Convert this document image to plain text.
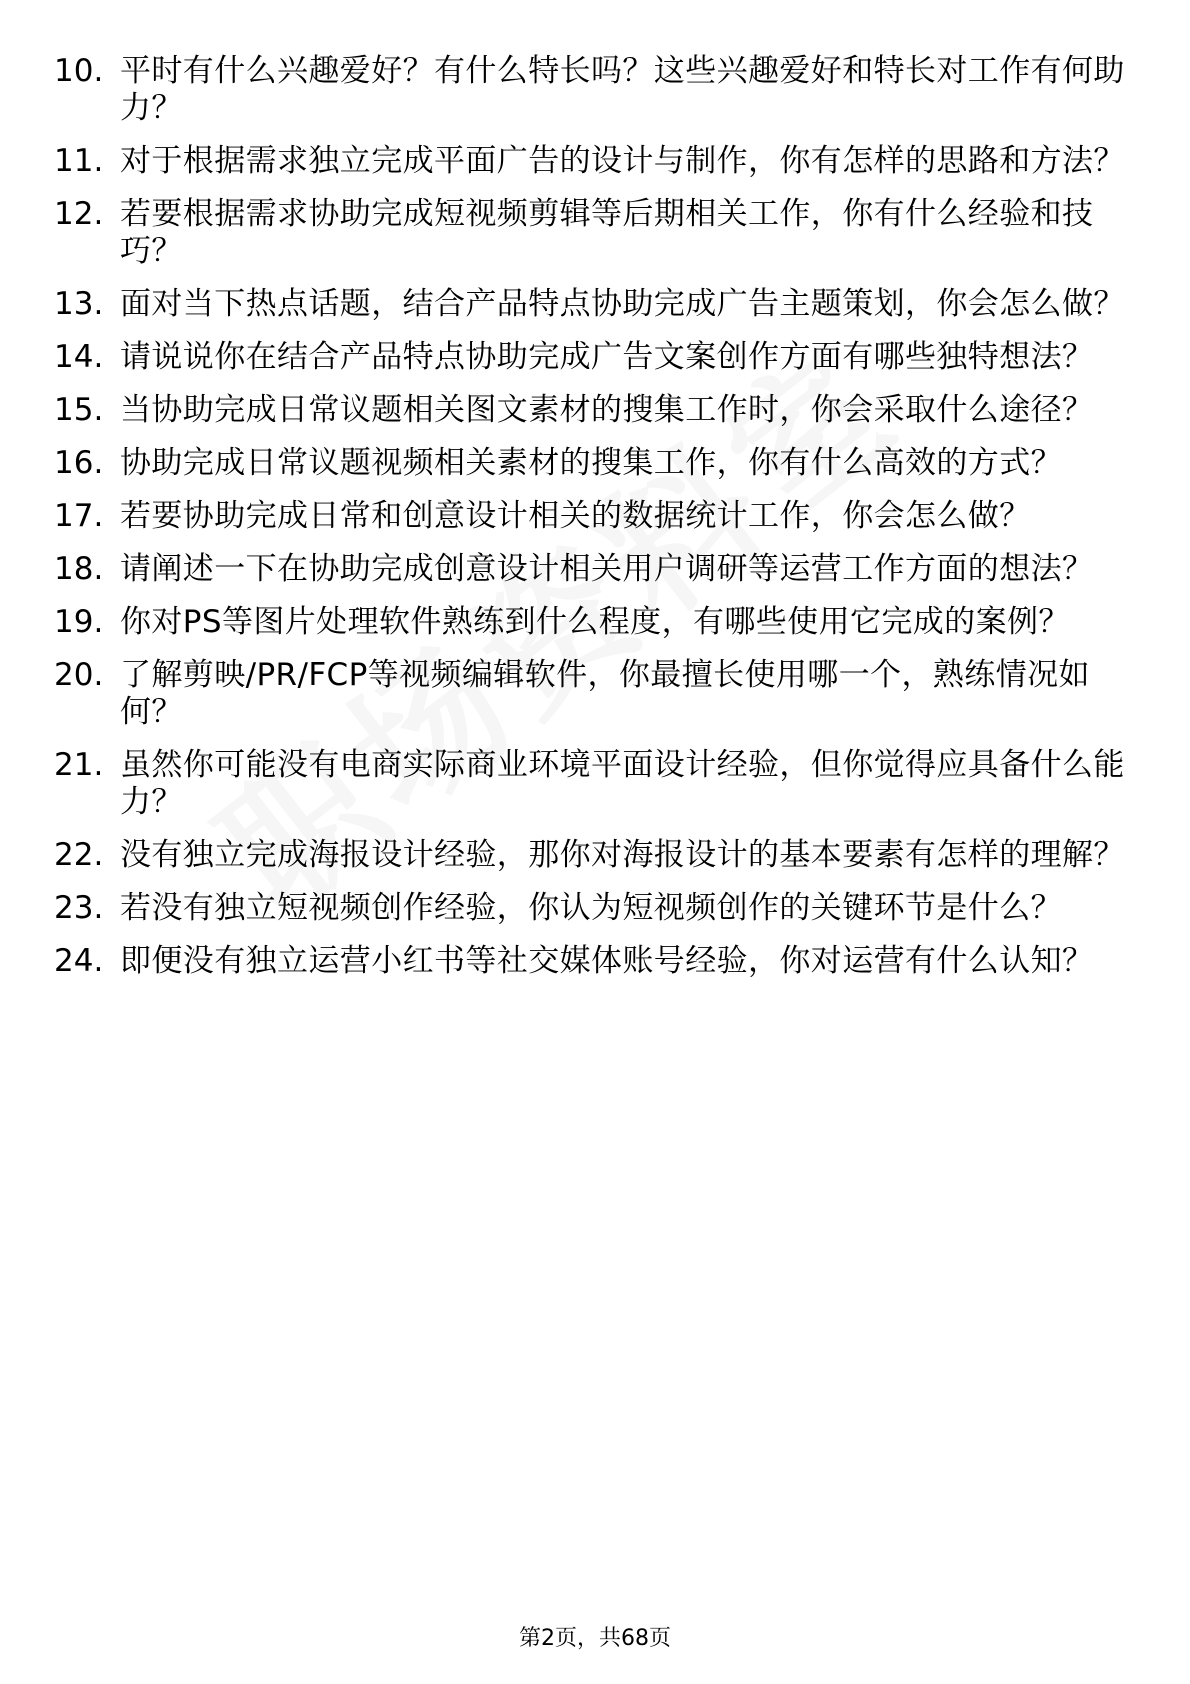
10. 平时有什么兴趣爱好？有什么特长吗？这些兴趣爱好和特长对工作有何助力？
11. 对于根据需求独立完成平面广告的设计与制作，你有怎样的思路和方法？
12. 若要根据需求协助完成短视频剪辑等后期相关工作，你有什么经验和技巧？
13. 面对当下热点话题，结合产品特点协助完成广告主题策划，你会怎么做？
14. 请说说你在结合产品特点协助完成广告文案创作方面有哪些独特想法？
15. 当协助完成日常议题相关图文素材的搜集工作时，你会采取什么途径？
16. 协助完成日常议题视频相关素材的搜集工作，你有什么高效的方式？
17. 若要协助完成日常和创意设计相关的数据统计工作，你会怎么做？
18. 请阐述一下在协助完成创意设计相关用户调研等运营工作方面的想法？
19. 你对PS等图片处理软件熟练到什么程度，有哪些使用它完成的案例？
20. 了解剪映/PR/FCP等视频编辑软件，你最擅长使用哪一个，熟练情况如何？
21. 虽然你可能没有电商实际商业环境平面设计经验，但你觉得应具备什么能力？
22. 没有独立完成海报设计经验，那你对海报设计的基本要素有怎样的理解？
23. 若没有独立短视频创作经验，你认为短视频创作的关键环节是什么？
24. 即便没有独立运营小红书等社交媒体账号经验，你对运营有什么认知？
第2页，共68页
